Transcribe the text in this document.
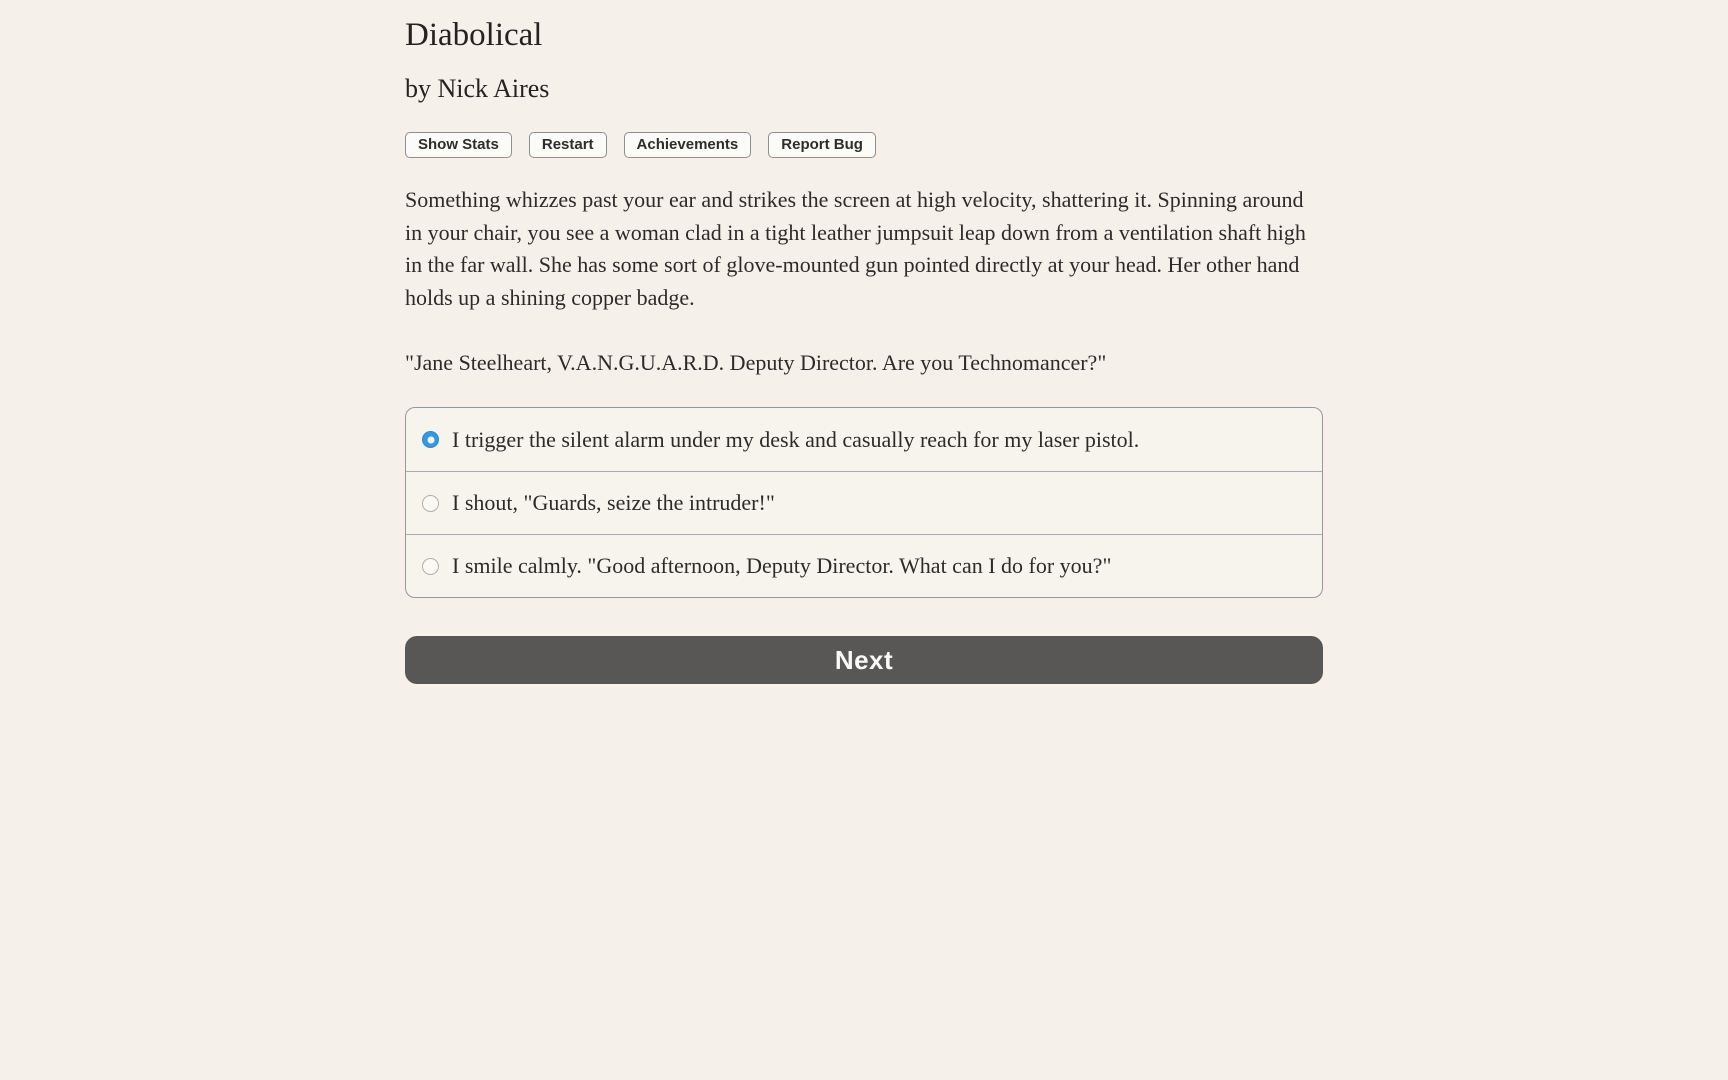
Diabolical
by Nick Aires
Show Stats	Restart	Achievements	Report Bug

Something whizzes past your ear and strikes the screen at high velocity, shattering it. Spinning around in your chair, you see a woman clad in a tight leather jumpsuit leap down from a ventilation shaft high in the far wall. She has some sort of glove-mounted gun pointed directly at your head. Her other hand holds up a shining copper badge.

"Jane Steelheart, V.A.N.G.U.A.R.D. Deputy Director. Are you Technomancer?"

I trigger the silent alarm under my desk and casually reach for my laser pistol.
I shout, "Guards, seize the intruder!"
I smile calmly. "Good afternoon, Deputy Director. What can I do for you?"
Next
